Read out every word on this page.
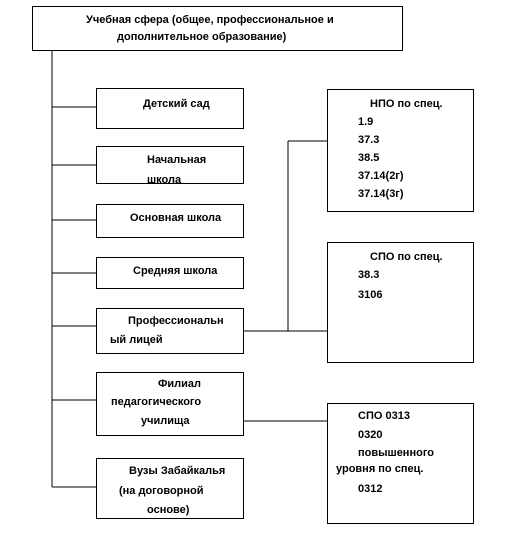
Учебная сфера (общее, профессиональное и
дополнительное образование)
Детский сад
Начальная
школа
Основная школа
Средняя школа
Профессиональн
ый лицей
Филиал
педагогического
училища
Вузы Забайкалья
(на договорной
основе)
НПО по спец.
1.9
37.3
38.5
37.14(2г)
37.14(3г)
СПО по спец.
38.3
3106
СПО 0313
0320
повышенного
уровня по спец.
0312
